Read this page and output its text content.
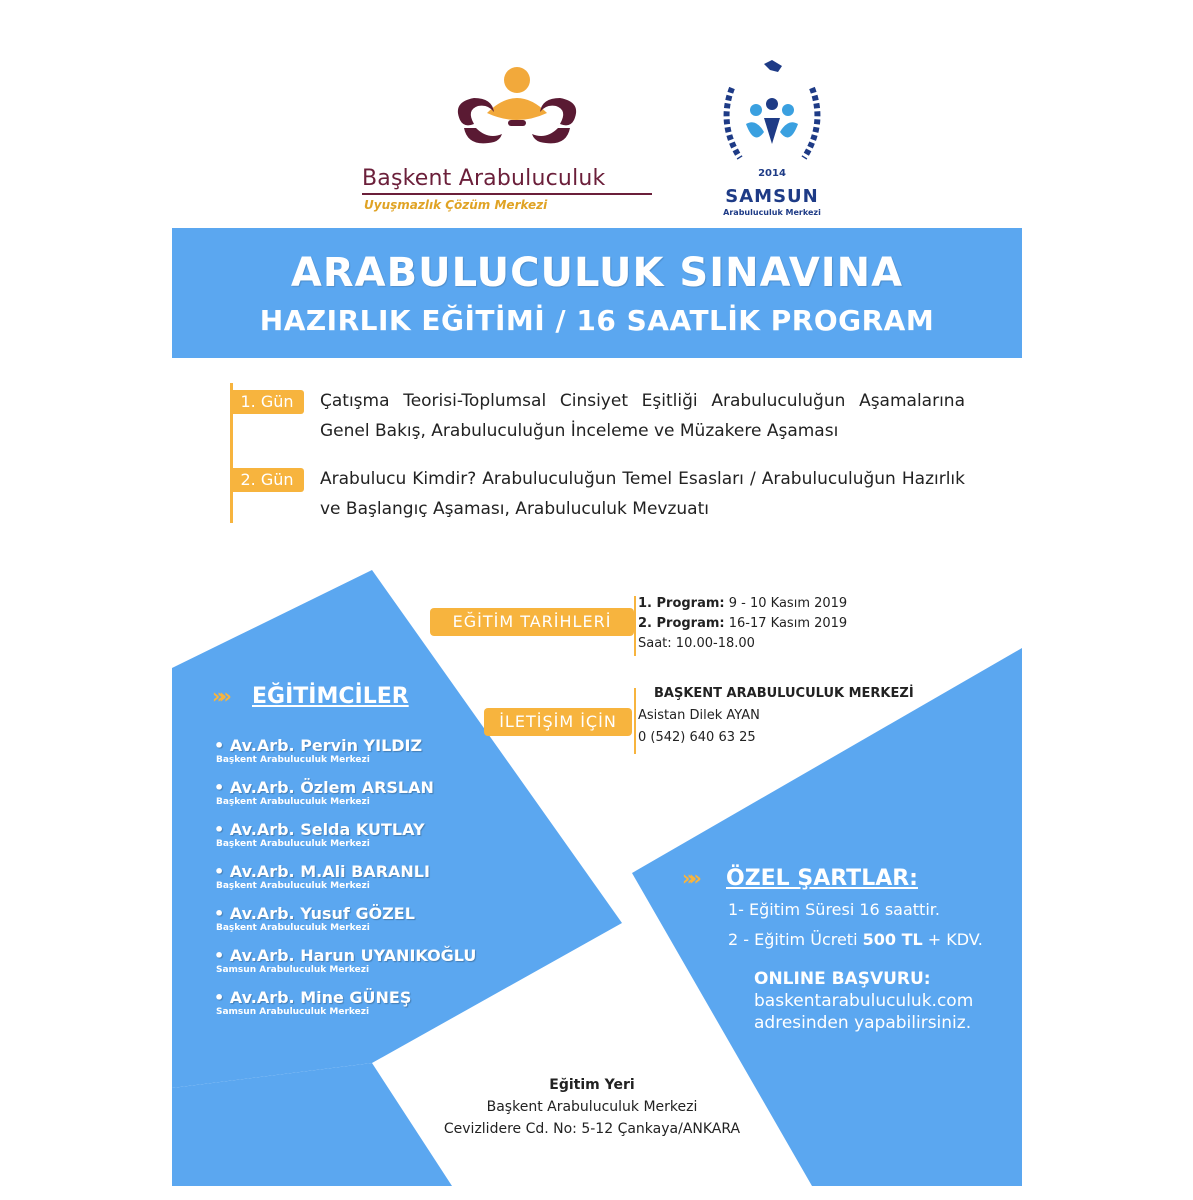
Başkent Arabuluculuk
Uyuşmazlık Çözüm Merkezi
2014
SAMSUN
Arabuluculuk Merkezi
ARABULUCULUK SINAVINA
HAZIRLIK EĞİTİMİ / 16 SAATLİK PROGRAM
1. Gün	Çatışma Teorisi-Toplumsal Cinsiyet Eşitliği Arabuluculuğun Aşamalarına Genel Bakış, Arabuluculuğun İnceleme ve Müzakere Aşaması
2. Gün	Arabulucu Kimdir? Arabuluculuğun Temel Esasları / Arabuluculuğun Hazırlık ve Başlangıç Aşaması, Arabuluculuk Mevzuatı
EĞİTİM TARİHLERİ
1. Program: 9 - 10 Kasım 2019
2. Program: 16-17 Kasım 2019
Saat: 10.00-18.00
İLETİŞİM İÇİN
BAŞKENT ARABULUCULUK MERKEZİ
Asistan Dilek AYAN
0 (542) 640 63 25
»» EĞİTİMCİLER
• Av.Arb. Pervin YILDIZ
Başkent Arabuluculuk Merkezi
• Av.Arb. Özlem ARSLAN
Başkent Arabuluculuk Merkezi
• Av.Arb. Selda KUTLAY
Başkent Arabuluculuk Merkezi
• Av.Arb. M.Ali BARANLI
Başkent Arabuluculuk Merkezi
• Av.Arb. Yusuf GÖZEL
Başkent Arabuluculuk Merkezi
• Av.Arb. Harun UYANIKOĞLU
Samsun Arabuluculuk Merkezi
• Av.Arb. Mine GÜNEŞ
Samsun Arabuluculuk Merkezi
»» ÖZEL ŞARTLAR:
1- Eğitim Süresi 16 saattir.
2 - Eğitim Ücreti 500 TL + KDV.
ONLINE BAŞVURU:
baskentarabuluculuk.com
adresinden yapabilirsiniz.
Eğitim Yeri
Başkent Arabuluculuk Merkezi
Cevizlidere Cd. No: 5-12 Çankaya/ANKARA
